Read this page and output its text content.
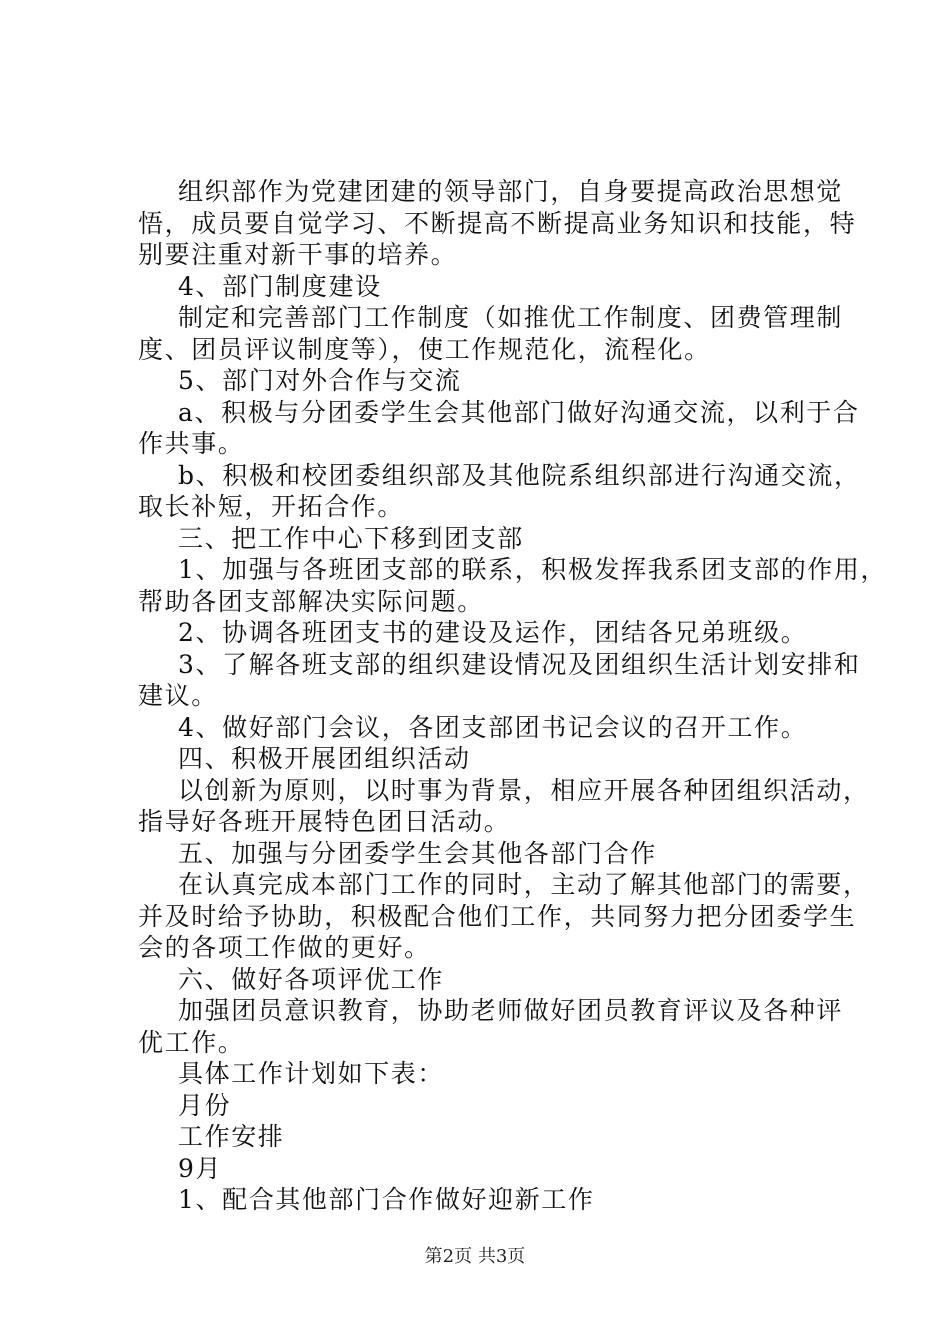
组织部作为党建团建的领导部门，自身要提高政治思想觉
悟，成员要自觉学习、不断提高不断提高业务知识和技能，特
别要注重对新干事的培养。
4、部门制度建设
制定和完善部门工作制度（如推优工作制度、团费管理制
度、团员评议制度等），使工作规范化，流程化。
5、部门对外合作与交流
a、积极与分团委学生会其他部门做好沟通交流，以利于合
作共事。
b、积极和校团委组织部及其他院系组织部进行沟通交流，
取长补短，开拓合作。
三、把工作中心下移到团支部
1、加强与各班团支部的联系，积极发挥我系团支部的作用，
帮助各团支部解决实际问题。
2、协调各班团支书的建设及运作，团结各兄弟班级。
3、了解各班支部的组织建设情况及团组织生活计划安排和
建议。
4、做好部门会议，各团支部团书记会议的召开工作。
四、积极开展团组织活动
以创新为原则，以时事为背景，相应开展各种团组织活动，
指导好各班开展特色团日活动。
五、加强与分团委学生会其他各部门合作
在认真完成本部门工作的同时，主动了解其他部门的需要，
并及时给予协助，积极配合他们工作，共同努力把分团委学生
会的各项工作做的更好。
六、做好各项评优工作
加强团员意识教育，协助老师做好团员教育评议及各种评
优工作。
具体工作计划如下表：
月份
工作安排
9月
1、配合其他部门合作做好迎新工作
第2页 共3页
